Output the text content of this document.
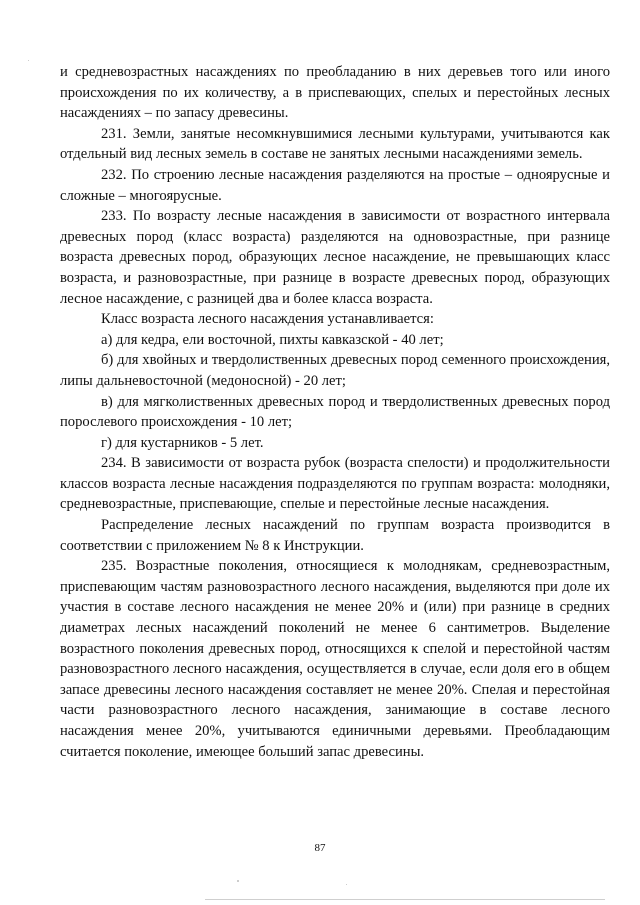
и средневозрастных насаждениях по преобладанию в них деревьев того или иного происхождения по их количеству, а в приспевающих, спелых и перестойных лесных насаждениях – по запасу древесины.

231. Земли, занятые несомкнувшимися лесными культурами, учитываются как отдельный вид лесных земель в составе не занятых лесными насаждениями земель.

232. По строению лесные насаждения разделяются на простые – одноярусные и сложные – многоярусные.

233. По возрасту лесные насаждения в зависимости от возрастного интервала древесных пород (класс возраста) разделяются на одновозрастные, при разнице возраста древесных пород, образующих лесное насаждение, не превышающих класс возраста, и разновозрастные, при разнице в возрасте древесных пород, образующих лесное насаждение, с разницей два и более класса возраста.

Класс возраста лесного насаждения устанавливается:

а) для кедра, ели восточной, пихты кавказской - 40 лет;

б) для хвойных и твердолиственных древесных пород семенного происхождения, липы дальневосточной (медоносной) - 20 лет;

в) для мягколиственных древесных пород и твердолиственных древесных пород порослевого происхождения - 10 лет;

г) для кустарников - 5 лет.

234. В зависимости от возраста рубок (возраста спелости) и продолжительности классов возраста лесные насаждения подразделяются по группам возраста: молодняки, средневозрастные, приспевающие, спелые и перестойные лесные насаждения.

Распределение лесных насаждений по группам возраста производится в соответствии с приложением № 8 к Инструкции.

235. Возрастные поколения, относящиеся к молоднякам, средневозрастным, приспевающим частям разновозрастного лесного насаждения, выделяются при доле их участия в составе лесного насаждения не менее 20% и (или) при разнице в средних диаметрах лесных насаждений поколений не менее 6 сантиметров. Выделение возрастного поколения древесных пород, относящихся к спелой и перестойной частям разновозрастного лесного насаждения, осуществляется в случае, если доля его в общем запасе древесины лесного насаждения составляет не менее 20%. Спелая и перестойная части разновозрастного лесного насаждения, занимающие в составе лесного насаждения менее 20%, учитываются единичными деревьями. Преобладающим считается поколение, имеющее больший запас древесины.

87
